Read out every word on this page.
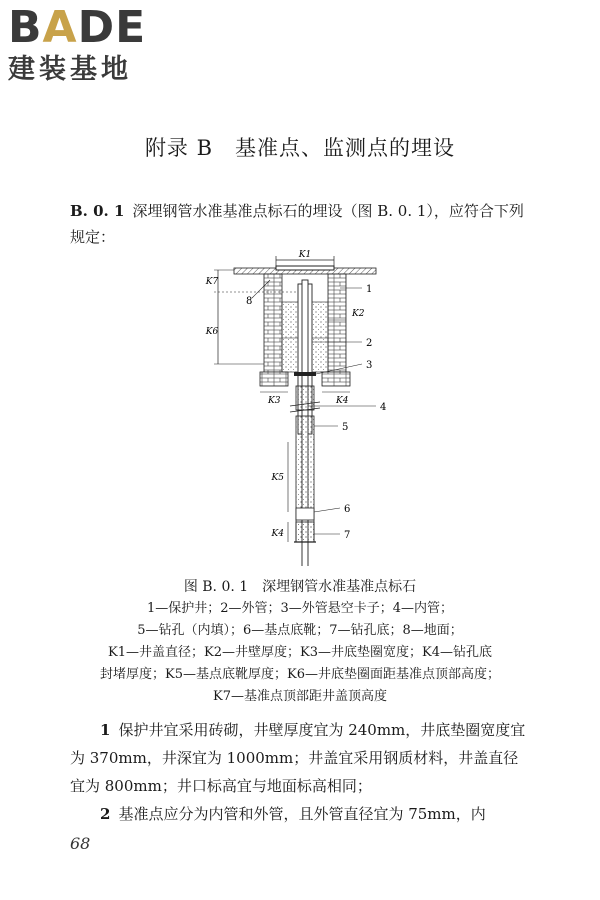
BADE
建装基地
附录 B　基准点、监测点的埋设
B. 0. 1 深埋钢管水准基准点标石的埋设（图 B. 0. 1），应符合下列规定：
K1
K7
K6
K2
K3	K4
K5
K4
1
2
3
4
5
6
7
8
图 B. 0. 1　深埋钢管水准基准点标石
1—保护井；2—外管；3—外管悬空卡子；4—内管；
5—钻孔（内填）；6—基点底靴；7—钻孔底；8—地面；
K1—井盖直径；K2—井壁厚度；K3—井底垫圈宽度；K4—钻孔底
封堵厚度；K5—基点底靴厚度；K6—井底垫圈面距基准点顶部高度；
K7—基准点顶部距井盖顶高度
1 保护井宜采用砖砌，井壁厚度宜为 240mm，井底垫圈宽度宜为 370mm，井深宜为 1000mm；井盖宜采用钢质材料，井盖直径宜为 800mm；井口标高宜与地面标高相同；
2 基准点应分为内管和外管，且外管直径宜为 75mm，内
68
